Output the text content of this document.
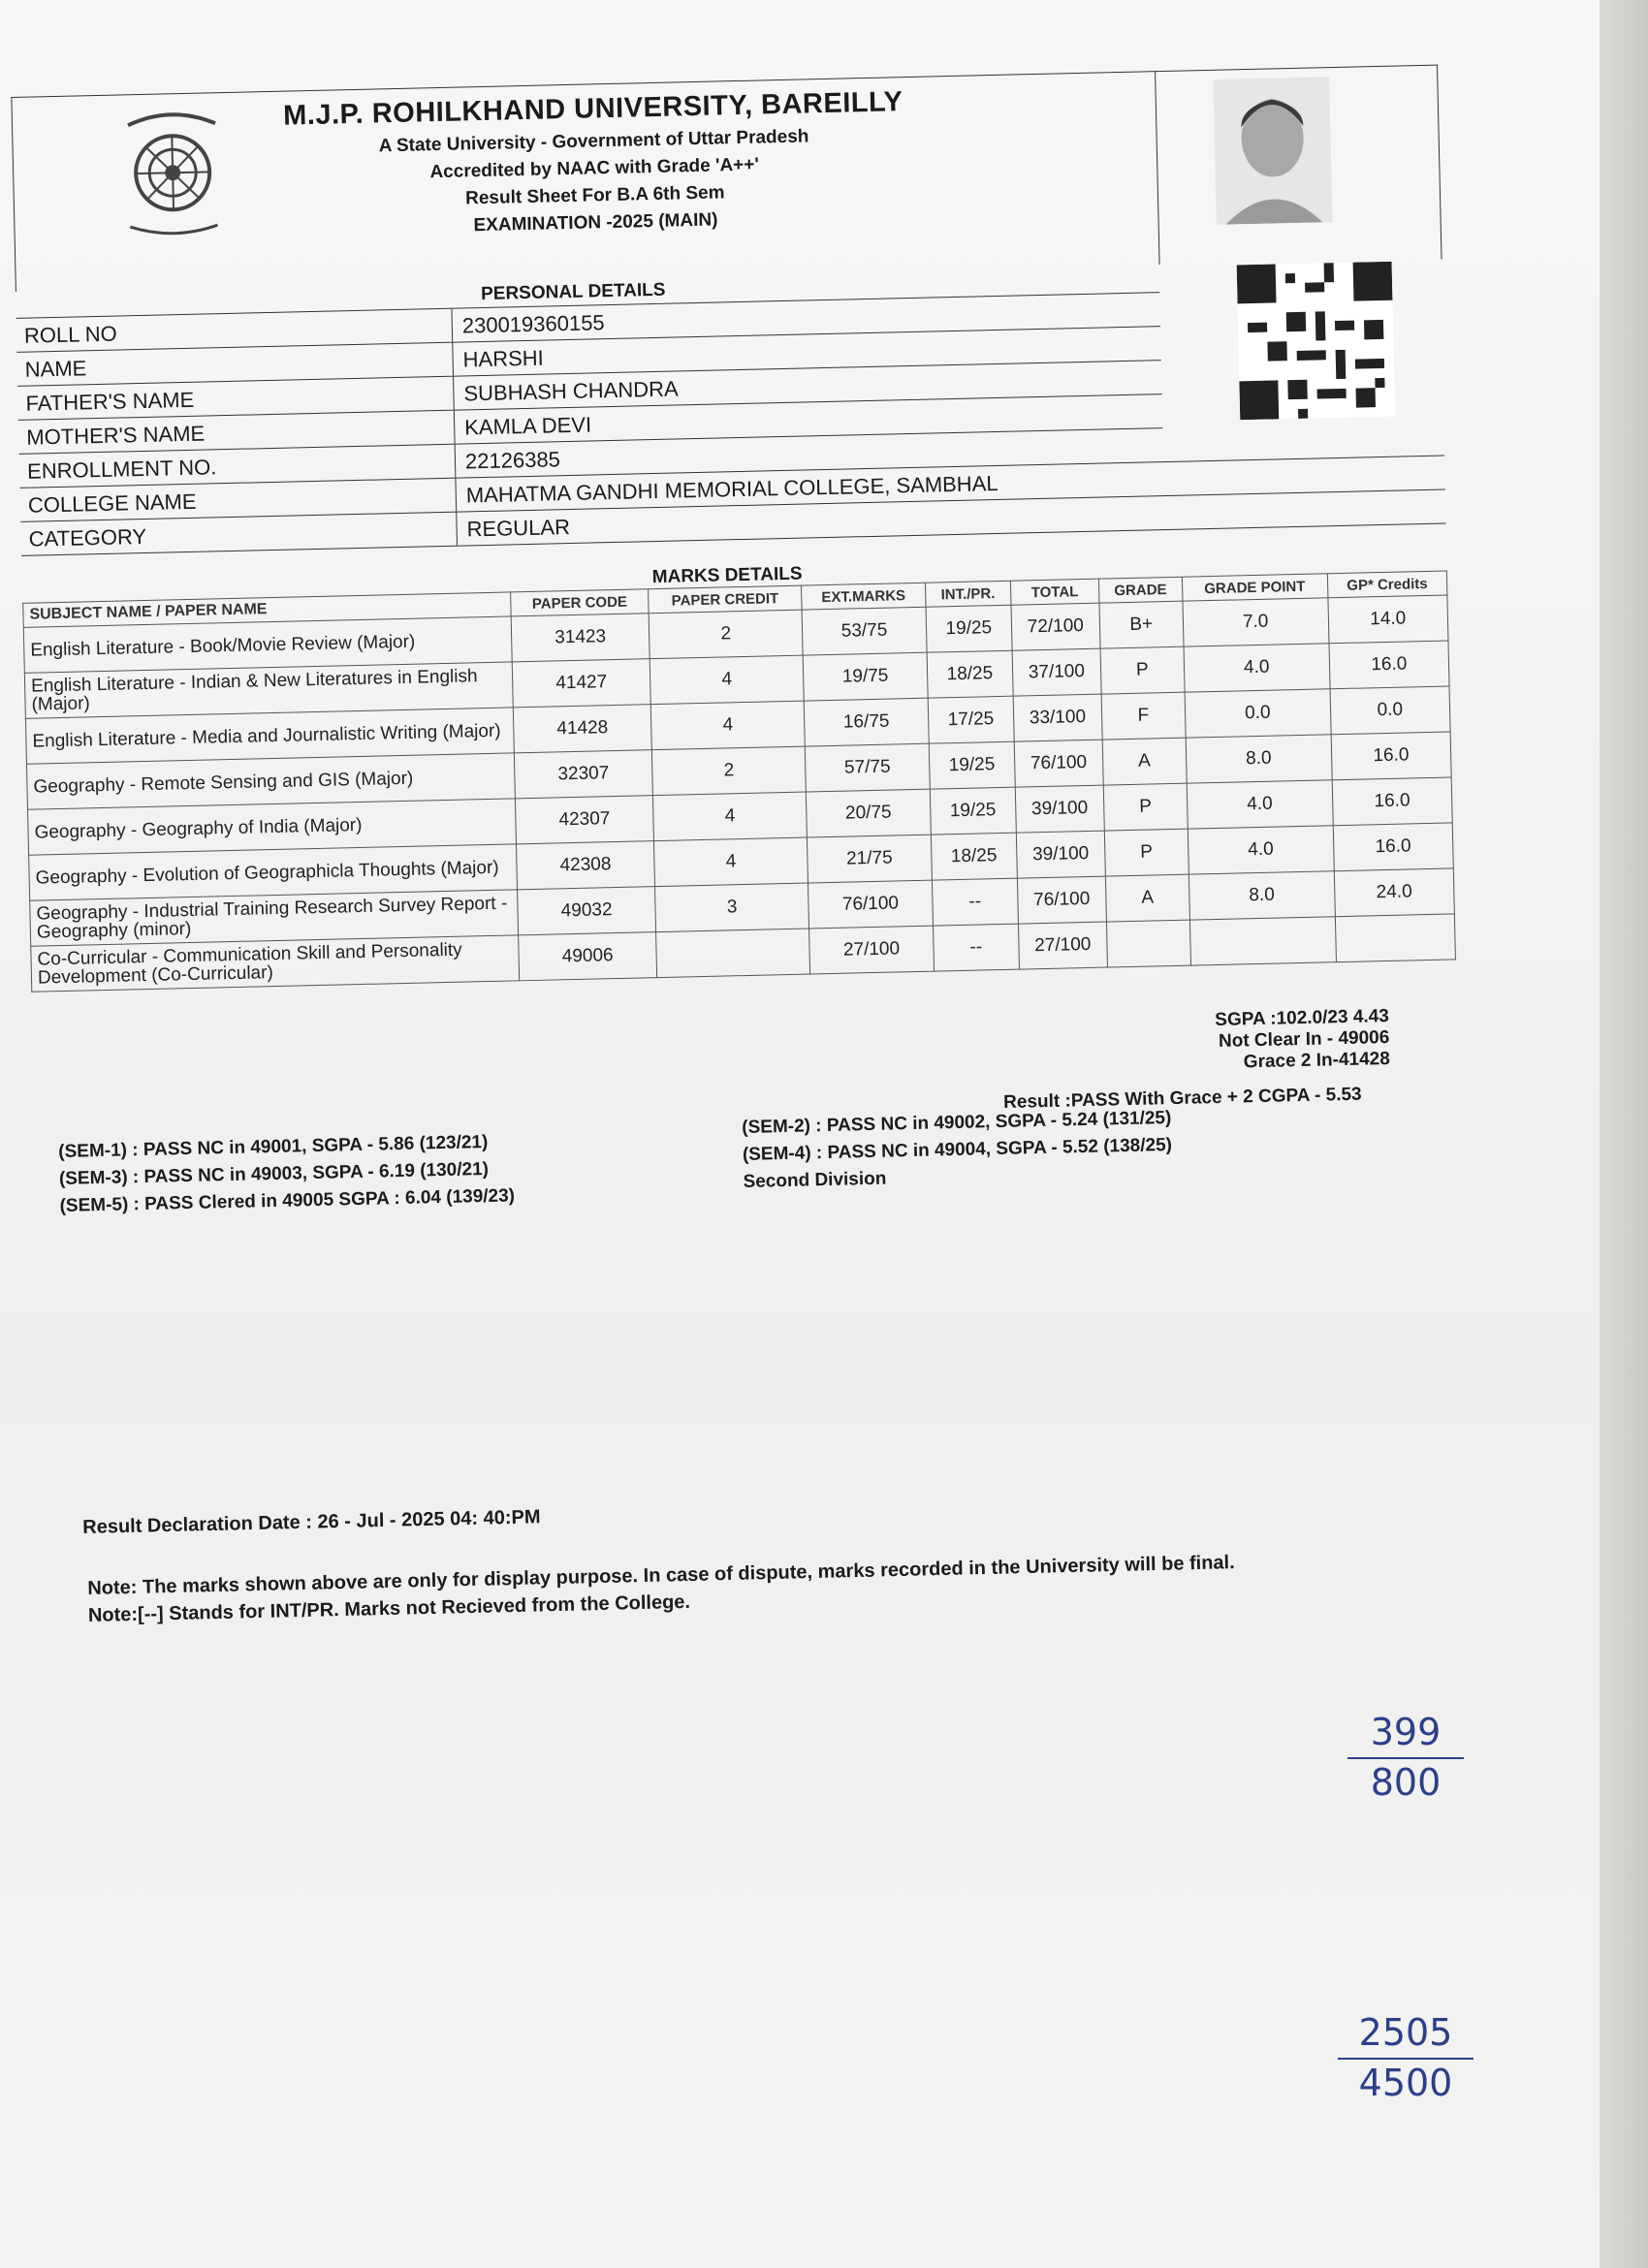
M.J.P. ROHILKHAND UNIVERSITY, BAREILLY
A State University - Government of Uttar Pradesh
Accredited by NAAC with Grade 'A++'
Result Sheet For B.A 6th Sem
EXAMINATION -2025 (MAIN)
PERSONAL DETAILS
ROLL NO	230019360155
NAME	HARSHI
FATHER'S NAME	SUBHASH CHANDRA
MOTHER'S NAME	KAMLA DEVI
ENROLLMENT NO.	22126385
COLLEGE NAME	MAHATMA GANDHI MEMORIAL COLLEGE, SAMBHAL
CATEGORY	REGULAR
MARKS DETAILS
SUBJECT NAME / PAPER NAME	PAPER CODE	PAPER CREDIT	EXT.MARKS	INT./PR.	TOTAL	GRADE	GRADE POINT	GP* Credits
English Literature - Book/Movie Review (Major)	31423	2	53/75	19/25	72/100	B+	7.0	14.0
English Literature - Indian & New Literatures in English (Major)	41427	4	19/75	18/25	37/100	P	4.0	16.0
English Literature - Media and Journalistic Writing (Major)	41428	4	16/75	17/25	33/100	F	0.0	0.0
Geography - Remote Sensing and GIS (Major)	32307	2	57/75	19/25	76/100	A	8.0	16.0
Geography - Geography of India (Major)	42307	4	20/75	19/25	39/100	P	4.0	16.0
Geography - Evolution of Geographicla Thoughts (Major)	42308	4	21/75	18/25	39/100	P	4.0	16.0
Geography - Industrial Training Research Survey Report - Geography (minor)	49032	3	76/100	--	76/100	A	8.0	24.0
Co-Curricular - Communication Skill and Personality Development (Co-Curricular)	49006		27/100	--	27/100			
SGPA :102.0/23 4.43
Not Clear In - 49006
Grace 2 In-41428
Result :PASS With Grace + 2 CGPA - 5.53
(SEM-1) : PASS NC in 49001, SGPA - 5.86 (123/21)
(SEM-3) : PASS NC in 49003, SGPA - 6.19 (130/21)
(SEM-5) : PASS Clered in 49005 SGPA : 6.04 (139/23)
(SEM-2) : PASS NC in 49002, SGPA - 5.24 (131/25)
(SEM-4) : PASS NC in 49004, SGPA - 5.52 (138/25)
Second Division
Result Declaration Date : 26 - Jul - 2025 04: 40:PM
Note: The marks shown above are only for display purpose. In case of dispute, marks recorded in the University will be final.
Note:[--] Stands for INT/PR. Marks not Recieved from the College.
$\frac{399}{800}$
$\frac{2505}{4500}$
